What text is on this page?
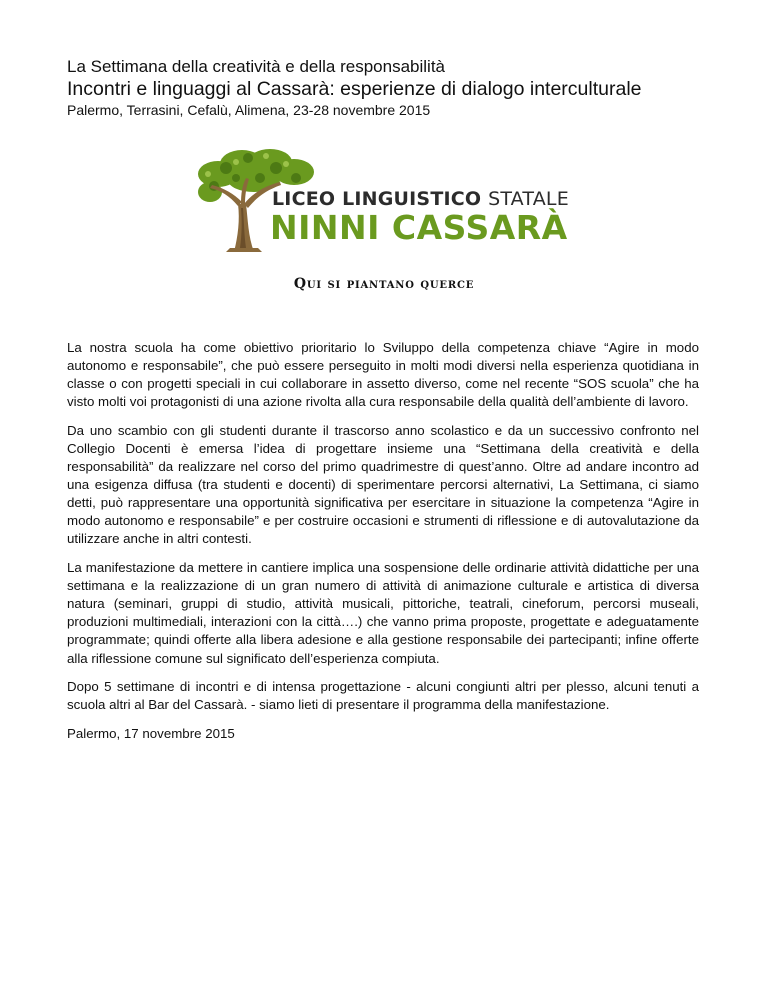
La Settimana della creatività e della responsabilità
Incontri e linguaggi al Cassarà: esperienze di dialogo interculturale
Palermo, Terrasini, Cefalù, Alimena, 23-28 novembre 2015
LICEO LINGUISTICO STATALE
NINNI CASSARÀ
Qui si piantano querce

La nostra scuola ha come obiettivo prioritario lo Sviluppo della competenza chiave “Agire in modo autonomo e responsabile”, che può essere perseguito in molti modi diversi nella esperienza quotidiana in classe o con progetti speciali in cui collaborare in assetto diverso, come nel recente “SOS scuola” che ha visto molti voi protagonisti di una azione rivolta alla cura responsabile della qualità dell’ambiente di lavoro.

Da uno scambio con gli studenti durante il trascorso anno scolastico e da un successivo confronto nel Collegio Docenti è emersa l’idea di progettare insieme una “Settimana della creatività e della responsabilità” da realizzare nel corso del primo quadrimestre di quest’anno. Oltre ad andare incontro ad una esigenza diffusa (tra studenti e docenti) di sperimentare percorsi alternativi, La Settimana, ci siamo detti, può rappresentare una opportunità significativa per esercitare in situazione la competenza “Agire in modo autonomo e responsabile” e per costruire occasioni e strumenti di riflessione e di autovalutazione da utilizzare anche in altri contesti.

La manifestazione da mettere in cantiere implica una sospensione delle ordinarie attività didattiche per una settimana e la realizzazione di un gran numero di attività di animazione culturale e artistica di diversa natura (seminari, gruppi di studio, attività musicali, pittoriche, teatrali, cineforum, percorsi museali, produzioni multimediali, interazioni con la città….) che vanno prima proposte, progettate e adeguatamente programmate; quindi offerte alla libera adesione e alla gestione responsabile dei partecipanti; infine offerte alla riflessione comune sul significato dell’esperienza compiuta.

Dopo 5 settimane di incontri e di intensa progettazione - alcuni congiunti altri per plesso, alcuni tenuti a scuola altri al Bar del Cassarà. - siamo lieti di presentare il programma della manifestazione.

Palermo, 17 novembre 2015
